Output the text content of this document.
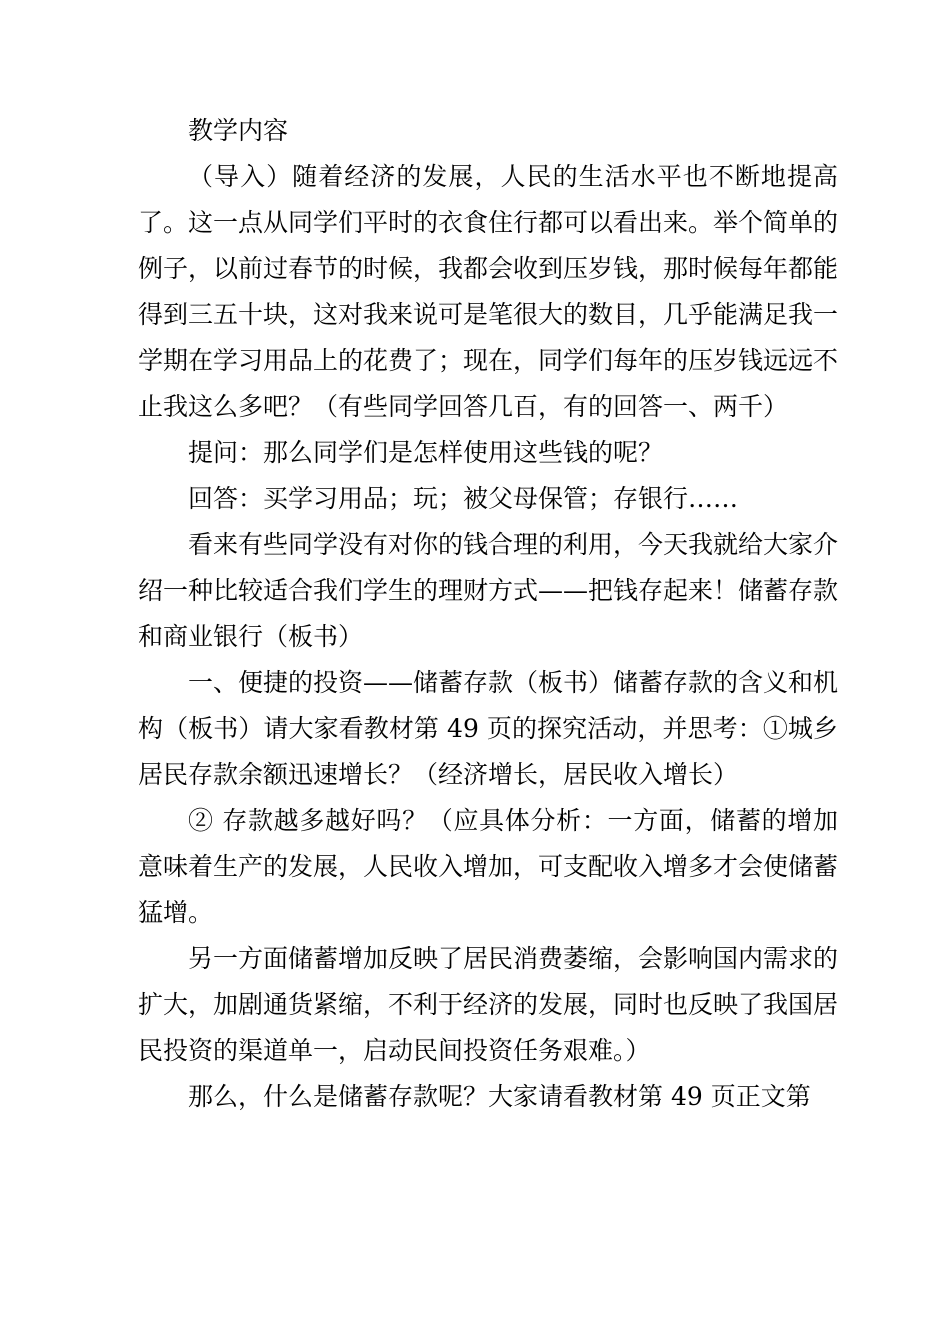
教学内容

（导入）随着经济的发展，人民的生活水平也不断地提高了。这一点从同学们平时的衣食住行都可以看出来。举个简单的例子，以前过春节的时候，我都会收到压岁钱，那时候每年都能得到三五十块，这对我来说可是笔很大的数目，几乎能满足我一学期在学习用品上的花费了；现在，同学们每年的压岁钱远远不止我这么多吧？（有些同学回答几百，有的回答一、两千）

提问：那么同学们是怎样使用这些钱的呢？

回答：买学习用品；玩；被父母保管；存银行……

看来有些同学没有对你的钱合理的利用，今天我就给大家介绍一种比较适合我们学生的理财方式——把钱存起来！储蓄存款和商业银行（板书）

一、便捷的投资——储蓄存款（板书）储蓄存款的含义和机构（板书）请大家看教材第 49 页的探究活动，并思考：①城乡居民存款余额迅速增长？（经济增长，居民收入增长）

② 存款越多越好吗？（应具体分析：一方面，储蓄的增加意味着生产的发展，人民收入增加，可支配收入增多才会使储蓄猛增。

另一方面储蓄增加反映了居民消费萎缩，会影响国内需求的扩大，加剧通货紧缩，不利于经济的发展，同时也反映了我国居民投资的渠道单一，启动民间投资任务艰难。）

那么，什么是储蓄存款呢？大家请看教材第 49 页正文第
